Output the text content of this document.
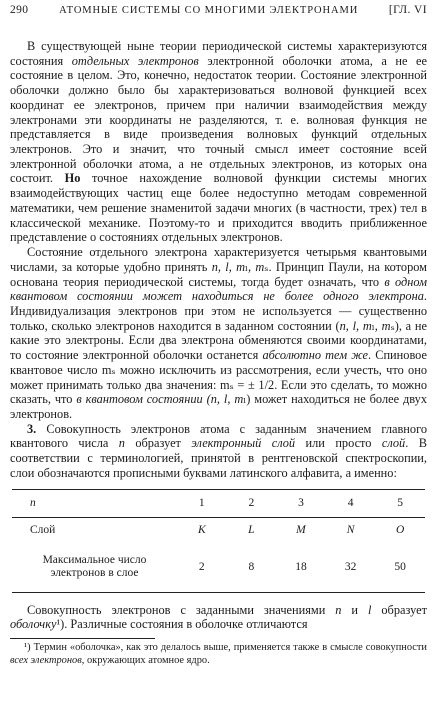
290	АТОМНЫЕ СИСТЕМЫ СО МНОГИМИ ЭЛЕКТРОНАМИ	[ГЛ. VI

В существующей ныне теории периодической системы характеризуются состояния отдельных электронов электронной оболочки атома, а не ее состояние в целом. Это, конечно, недостаток теории. Состояние электронной оболочки должно было бы характеризоваться волновой функцией всех координат ее электронов, причем при наличии взаимодействия между электронами эти координаты не разделяются, т. е. волновая функция не представляется в виде произведения волновых функций отдельных электронов. Это и значит, что точный смысл имеет состояние всей электронной оболочки атома, а не отдельных электронов, из которых она состоит. Но точное нахождение волновой функции системы многих взаимодействующих частиц еще более недоступно методам современной математики, чем решение знаменитой задачи многих (в частности, трех) тел в классической механике. Поэтому-то и приходится вводить приближенное представление о состояниях отдельных электронов.

Состояние отдельного электрона характеризуется четырьмя квантовыми числами, за которые удобно принять n, l, mₗ, mₛ. Принцип Паули, на котором основана теория периодической системы, тогда будет означать, что в одном квантовом состоянии может находиться не более одного электрона. Индивидуализация электронов при этом не используется — существенно только, сколько электронов находится в заданном состоянии (n, l, mₗ, mₛ), а не какие это электроны. Если два электрона обменяются своими координатами, то состояние электронной оболочки останется абсолютно тем же. Спиновое квантовое число mₛ можно исключить из рассмотрения, если учесть, что оно может принимать только два значения: mₛ = ± 1/2. Если это сделать, то можно сказать, что в квантовом состоянии (n, l, mₗ) может находиться не более двух электронов.

3. Совокупность электронов атома с заданным значением главного квантового числа n образует электронный слой или просто слой. В соответствии с терминологией, принятой в рентгеновской спектроскопии, слои обозначаются прописными буквами латинского алфавита, а именно:

n	1	2	3	4	5
Слой	K	L	M	N	O
Максимальное число
электронов в слое	2	8	18	32	50

Совокупность электронов с заданными значениями n и l образует оболочку¹). Различные состояния в оболочке отличаются

¹) Термин «оболочка», как это делалось выше, применяется также в смысле совокупности всех электронов, окружающих атомное ядро.
